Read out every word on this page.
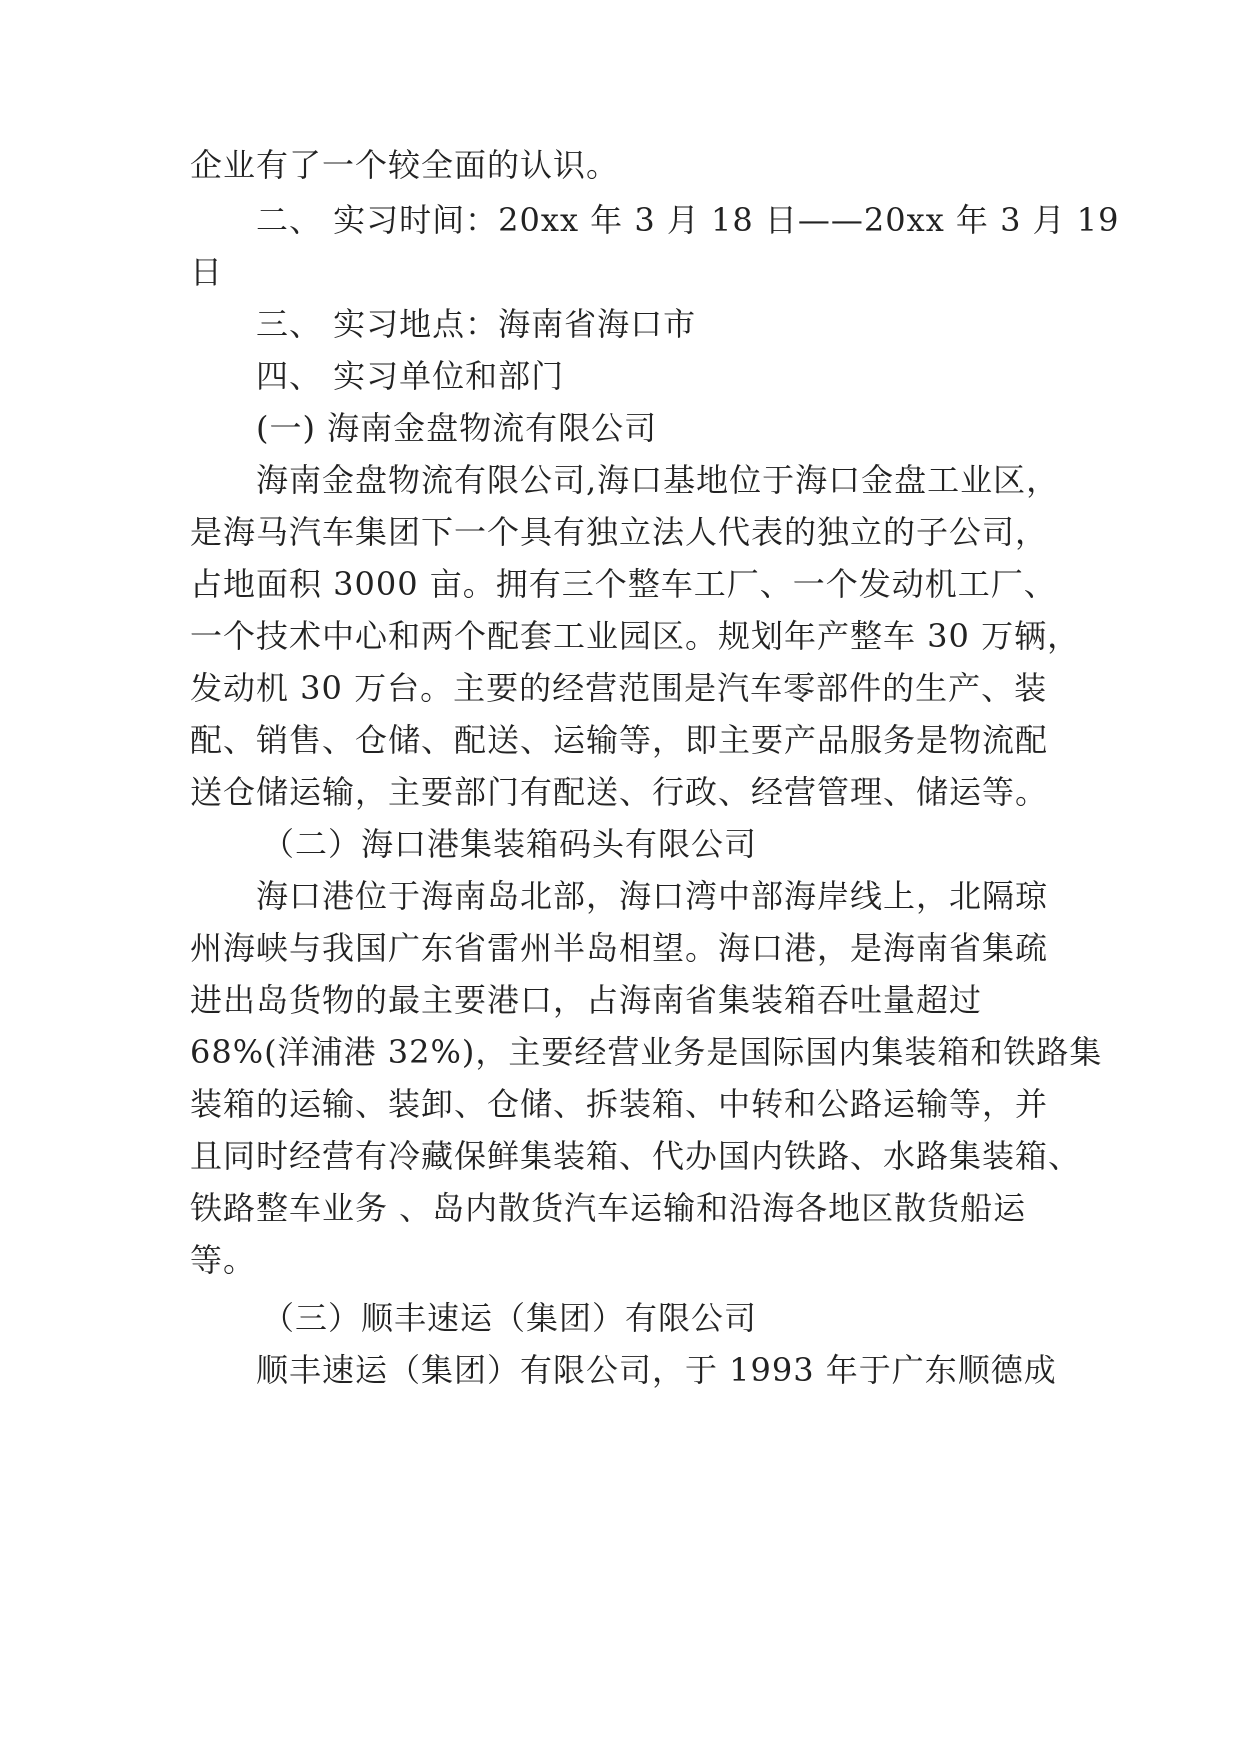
企业有了一个较全面的认识。
二、 实习时间：20xx 年 3 月 18 日——20xx 年 3 月 19
日
三、 实习地点：海南省海口市
四、 实习单位和部门
(一) 海南金盘物流有限公司
海南金盘物流有限公司,海口基地位于海口金盘工业区，
是海马汽车集团下一个具有独立法人代表的独立的子公司，
占地面积 3000 亩。拥有三个整车工厂、一个发动机工厂、
一个技术中心和两个配套工业园区。规划年产整车 30 万辆，
发动机 30 万台。主要的经营范围是汽车零部件的生产、装
配、销售、仓储、配送、运输等，即主要产品服务是物流配
送仓储运输，主要部门有配送、行政、经营管理、储运等。
（二）海口港集装箱码头有限公司
海口港位于海南岛北部，海口湾中部海岸线上，北隔琼
州海峡与我国广东省雷州半岛相望。海口港，是海南省集疏
进出岛货物的最主要港口，占海南省集装箱吞吐量超过
68%(洋浦港 32%)，主要经营业务是国际国内集装箱和铁路集
装箱的运输、装卸、仓储、拆装箱、中转和公路运输等，并
且同时经营有冷藏保鲜集装箱、代办国内铁路、水路集装箱、
铁路整车业务 、岛内散货汽车运输和沿海各地区散货船运
等。
（三）顺丰速运（集团）有限公司
顺丰速运（集团）有限公司，于 1993 年于广东顺德成
